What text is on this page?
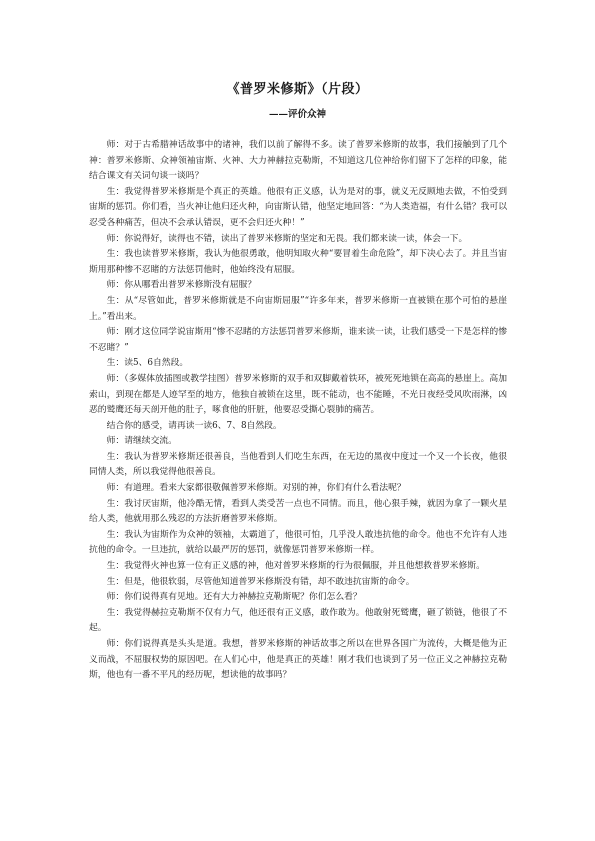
《普罗米修斯》（片段）
——评价众神

师：对于古希腊神话故事中的诸神，我们以前了解得不多。读了普罗米修斯的故事，我们接触到了几个神：普罗米修斯、众神领袖宙斯、火神、大力神赫拉克勒斯，不知道这几位神给你们留下了怎样的印象，能结合课文有关词句谈一谈吗？

生：我觉得普罗米修斯是个真正的英雄。他很有正义感，认为是对的事，就义无反顾地去做，不怕受到宙斯的惩罚。你们看，当火神让他归还火种，向宙斯认错，他坚定地回答：“为人类造福，有什么错？我可以忍受各种痛苦，但决不会承认错误，更不会归还火种！”

师：你说得好，读得也不错，读出了普罗米修斯的坚定和无畏。我们都来读一读，体会一下。

生：我也读普罗米修斯，我认为他很勇敢，他明知取火种“要冒着生命危险”，却下决心去了。并且当宙斯用那种惨不忍睹的方法惩罚他时，他始终没有屈服。

师：你从哪看出普罗米修斯没有屈服？

生：从“尽管如此，普罗米修斯就是不向宙斯屈服”“许多年来，普罗米修斯一直被锁在那个可怕的悬崖上。”看出来。

师：刚才这位同学说宙斯用“惨不忍睹的方法惩罚普罗米修斯，谁来读一读，让我们感受一下是怎样的惨不忍睹？”

生：读5、6自然段。

师：（多媒体放插图或教学挂图）普罗米修斯的双手和双脚戴着铁环，被死死地锁在高高的悬崖上。高加索山，到现在都是人迹罕至的地方，他独自被锁在这里，既不能动，也不能睡，不光日夜经受风吹雨淋，凶恶的鹫鹰还每天剖开他的肚子，啄食他的肝脏，他要忍受撕心裂肺的痛苦。

结合你的感受，请再读一读6、7、8自然段。

师：请继续交流。

生：我认为普罗米修斯还很善良，当他看到人们吃生东西，在无边的黑夜中度过一个又一个长夜，他很同情人类，所以我觉得他很善良。

师：有道理。看来大家都很敬佩普罗米修斯。对别的神，你们有什么看法呢？

生：我讨厌宙斯，他冷酷无情，看到人类受苦一点也不同情。而且，他心狠手辣，就因为拿了一颗火星给人类，他就用那么残忍的方法折磨普罗米修斯。

生：我认为宙斯作为众神的领袖，太霸道了，他很可怕，几乎没人敢违抗他的命令。他也不允许有人违抗他的命令。一旦违抗，就给以最严厉的惩罚，就像惩罚普罗米修斯一样。

生：我觉得火神也算一位有正义感的神，他对普罗米修斯的行为很佩服，并且他想救普罗米修斯。

生：但是，他很软弱，尽管他知道普罗米修斯没有错，却不敢违抗宙斯的命令。

师：你们说得真有见地。还有大力神赫拉克勒斯呢？你们怎么看？

生：我觉得赫拉克勒斯不仅有力气，他还很有正义感，敢作敢为。他敢射死鹫鹰，砸了锁链，他很了不起。

师：你们说得真是头头是道。我想，普罗米修斯的神话故事之所以在世界各国广为流传，大概是他为正义而战，不屈服权势的原因吧。在人们心中，他是真正的英雄！刚才我们也谈到了另一位正义之神赫拉克勒斯，他也有一番不平凡的经历呢，想读他的故事吗？
